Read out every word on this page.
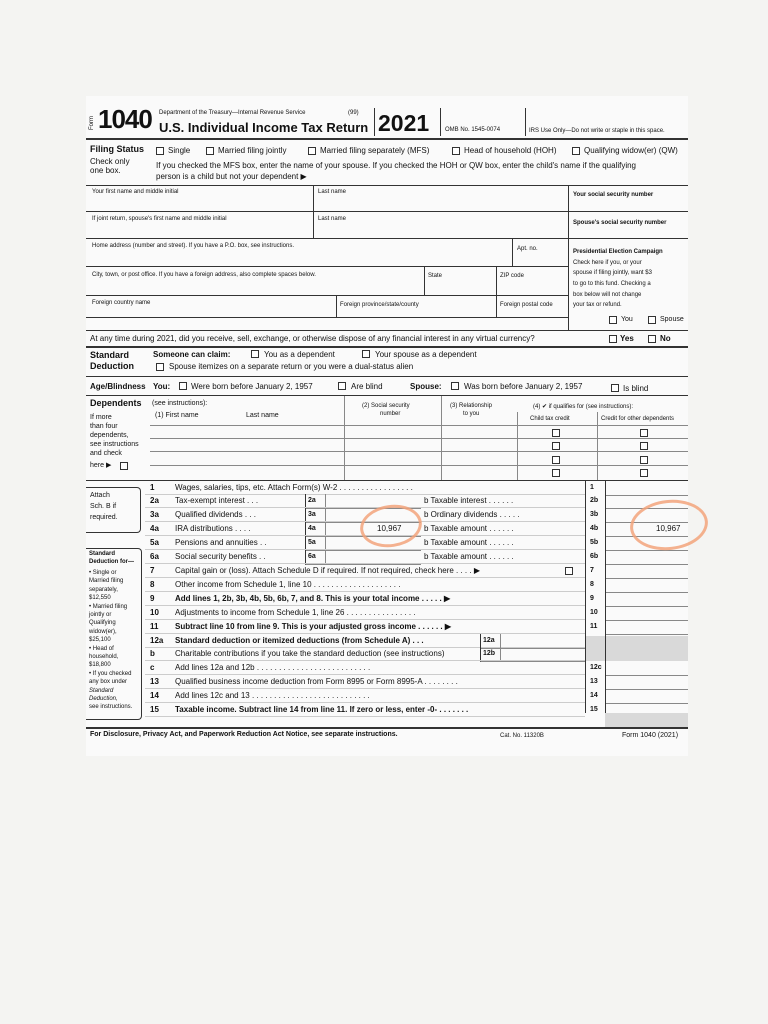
Form 1040 Department of the Treasury—Internal Revenue Service	(99)
U.S. Individual Income Tax Return 2021	OMB No. 1545-0074	IRS Use Only—Do not write or staple in this space.
Filing Status
Check only
one box.
Single	Married filing jointly	Married filing separately (MFS)	Head of household (HOH)	Qualifying widow(er) (QW)
If you checked the MFS box, enter the name of your spouse. If you checked the HOH or QW box, enter the child's name if the qualifying
person is a child but not your dependent ▶
Your first name and middle initial	Last name	Your social security number
If joint return, spouse's first name and middle initial	Last name
Spouse's social security number
Home address (number and street). If you have a P.O. box, see instructions.	Apt. no.
City, town, or post office. If you have a foreign address, also complete spaces below.	State	ZIP code
Foreign country name	Foreign province/state/county	Foreign postal code
Presidential Election Campaign
Check here if you, or your
spouse if filing jointly, want $3
to go to this fund. Checking a
box below will not change
your tax or refund.
You	Spouse
At any time during 2021, did you receive, sell, exchange, or otherwise dispose of any financial interest in any virtual currency?	Yes	No
Standard
Deduction
Someone can claim:	You as a dependent	Your spouse as a dependent
Spouse itemizes on a separate return or you were a dual-status alien
Age/Blindness You:	Were born before January 2, 1957	Are blind	Spouse:	Was born before January 2, 1957	Is blind
Dependents (see instructions):
(1) First name	Last name
(2) Social security
number
(3) Relationship
to you
(4) ✔ if qualifies for (see instructions):
Child tax credit	Credit for other dependents
If more
than four
dependents,
see instructions
and check
here ▶
Attach
Sch. B if
required.
Standard
Deduction for—
• Single or
Married filing
separately,
$12,550
• Married filing
jointly or
Qualifying
widow(er),
$25,100
• Head of
household,
$18,800
• If you checked
any box under
Standard
Deduction,
see instructions.
1	Wages, salaries, tips, etc. Attach Form(s) W-2 . . . . . . . . . . . . . . . . .	1
2a Tax-exempt interest . . .	2a	b Taxable interest . . . . . .	2b
3a Qualified dividends . . .	3a	b Ordinary dividends . . . . .	3b
4a IRA distributions . . . .	4a	10,967	b Taxable amount . . . . . .	4b	10,967
5a Pensions and annuities . .	5a	b Taxable amount . . . . . .	5b
6a Social security benefits . .	6a	b Taxable amount . . . . . .	6b
7	Capital gain or (loss). Attach Schedule D if required. If not required, check here . . . . ▶	7
8	Other income from Schedule 1, line 10 . . . . . . . . . . . . . . . . . . . .	8
9	Add lines 1, 2b, 3b, 4b, 5b, 6b, 7, and 8. This is your total income . . . . . ▶	9
10 Adjustments to income from Schedule 1, line 26 . . . . . . . . . . . . . . . .	10
11 Subtract line 10 from line 9. This is your adjusted gross income . . . . . . ▶	11
12a Standard deduction or itemized deductions (from Schedule A) . . .	12a
b	Charitable contributions if you take the standard deduction (see instructions)	12b
c	Add lines 12a and 12b . . . . . . . . . . . . . . . . . . . . . . . . . .	12c
13 Qualified business income deduction from Form 8995 or Form 8995-A . . . . . . . .	13
14 Add lines 12c and 13 . . . . . . . . . . . . . . . . . . . . . . . . . . .	14
15 Taxable income. Subtract line 14 from line 11. If zero or less, enter -0- . . . . . . .	15
For Disclosure, Privacy Act, and Paperwork Reduction Act Notice, see separate instructions.	Cat. No. 11320B	Form 1040 (2021)
